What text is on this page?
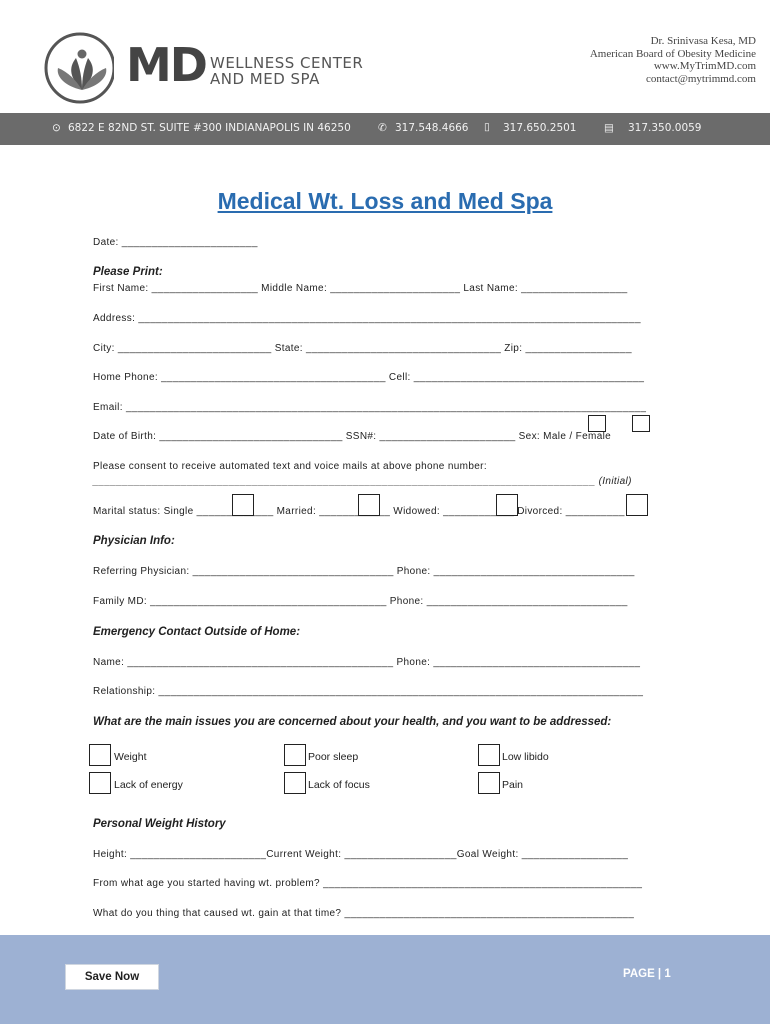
MD WELLNESS CENTER
AND MED SPA
Dr. Srinivasa Kesa, MD
American Board of Obesity Medicine
www.MyTrimMD.com
contact@mytrimmd.com
⊙ 6822 E 82ND ST. SUITE #300 INDIANAPOLIS IN 46250	✆ 317.548.4666 ▯ 317.650.2501	▤ 317.350.0059
Medical Wt. Loss and Med Spa
Date: _______________________
Please Print:
First Name: __________________ Middle Name: ______________________ Last Name: __________________
Address: _____________________________________________________________________________________
City: __________________________ State: _________________________________ Zip: __________________
Home Phone: ______________________________________ Cell: _______________________________________
Email: ________________________________________________________________________________________
Date of Birth: _______________________________ SSN#: _______________________ Sex: Male / Female
Please consent to receive automated text and voice mails at above phone number:
_____________________________________________________________________________________ (Initial)
Marital status: Single _____________ Married: ____________ Widowed: ____________ Divorced: __________
Physician Info:
Referring Physician: __________________________________ Phone: __________________________________
Family MD: ________________________________________ Phone: __________________________________
Emergency Contact Outside of Home:
Name: _____________________________________________ Phone: ___________________________________
Relationship: __________________________________________________________________________________
What are the main issues you are concerned about your health, and you want to be addressed:
Weight	Poor sleep	Low libido
Lack of energy	Lack of focus	Pain
Personal Weight History
Height: _______________________Current Weight: ___________________Goal Weight: __________________
From what age you started having wt. problem? ______________________________________________________
What do you thing that caused wt. gain at that time? _________________________________________________
Save Now	PAGE | 1
